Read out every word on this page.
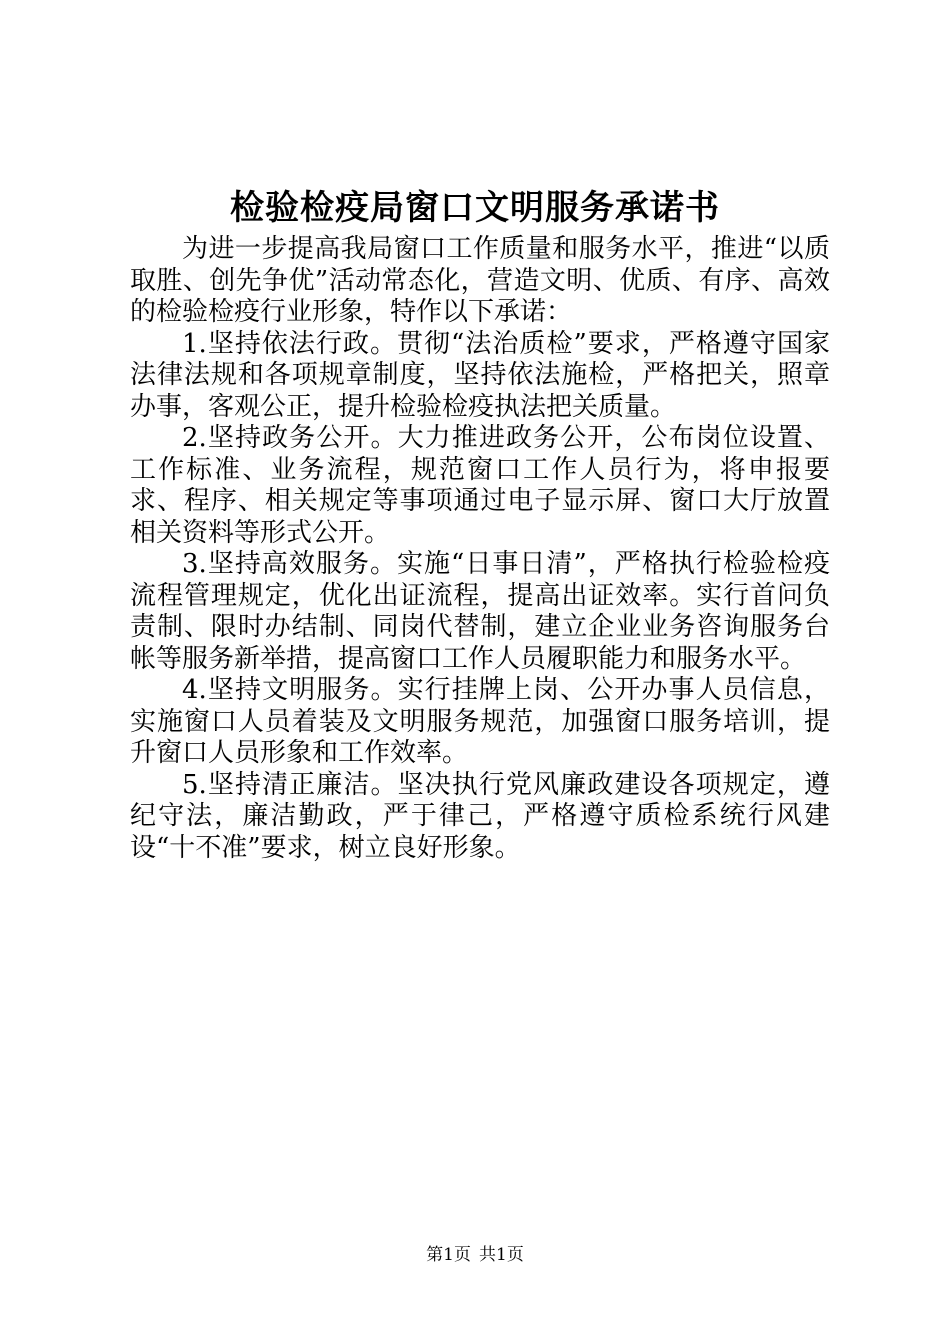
检验检疫局窗口文明服务承诺书

为进一步提高我局窗口工作质量和服务水平，推进“以质取胜、创先争优”活动常态化，营造文明、优质、有序、高效的检验检疫行业形象，特作以下承诺：

1.坚持依法行政。贯彻“法治质检”要求，严格遵守国家法律法规和各项规章制度，坚持依法施检，严格把关，照章办事，客观公正，提升检验检疫执法把关质量。

2.坚持政务公开。大力推进政务公开，公布岗位设置、工作标准、业务流程，规范窗口工作人员行为，将申报要求、程序、相关规定等事项通过电子显示屏、窗口大厅放置相关资料等形式公开。

3.坚持高效服务。实施“日事日清”，严格执行检验检疫流程管理规定，优化出证流程，提高出证效率。实行首问负责制、限时办结制、同岗代替制，建立企业业务咨询服务台帐等服务新举措，提高窗口工作人员履职能力和服务水平。

4.坚持文明服务。实行挂牌上岗、公开办事人员信息，实施窗口人员着装及文明服务规范，加强窗口服务培训，提升窗口人员形象和工作效率。

5.坚持清正廉洁。坚决执行党风廉政建设各项规定，遵纪守法，廉洁勤政，严于律己，严格遵守质检系统行风建设“十不准”要求，树立良好形象。

第1页 共1页
